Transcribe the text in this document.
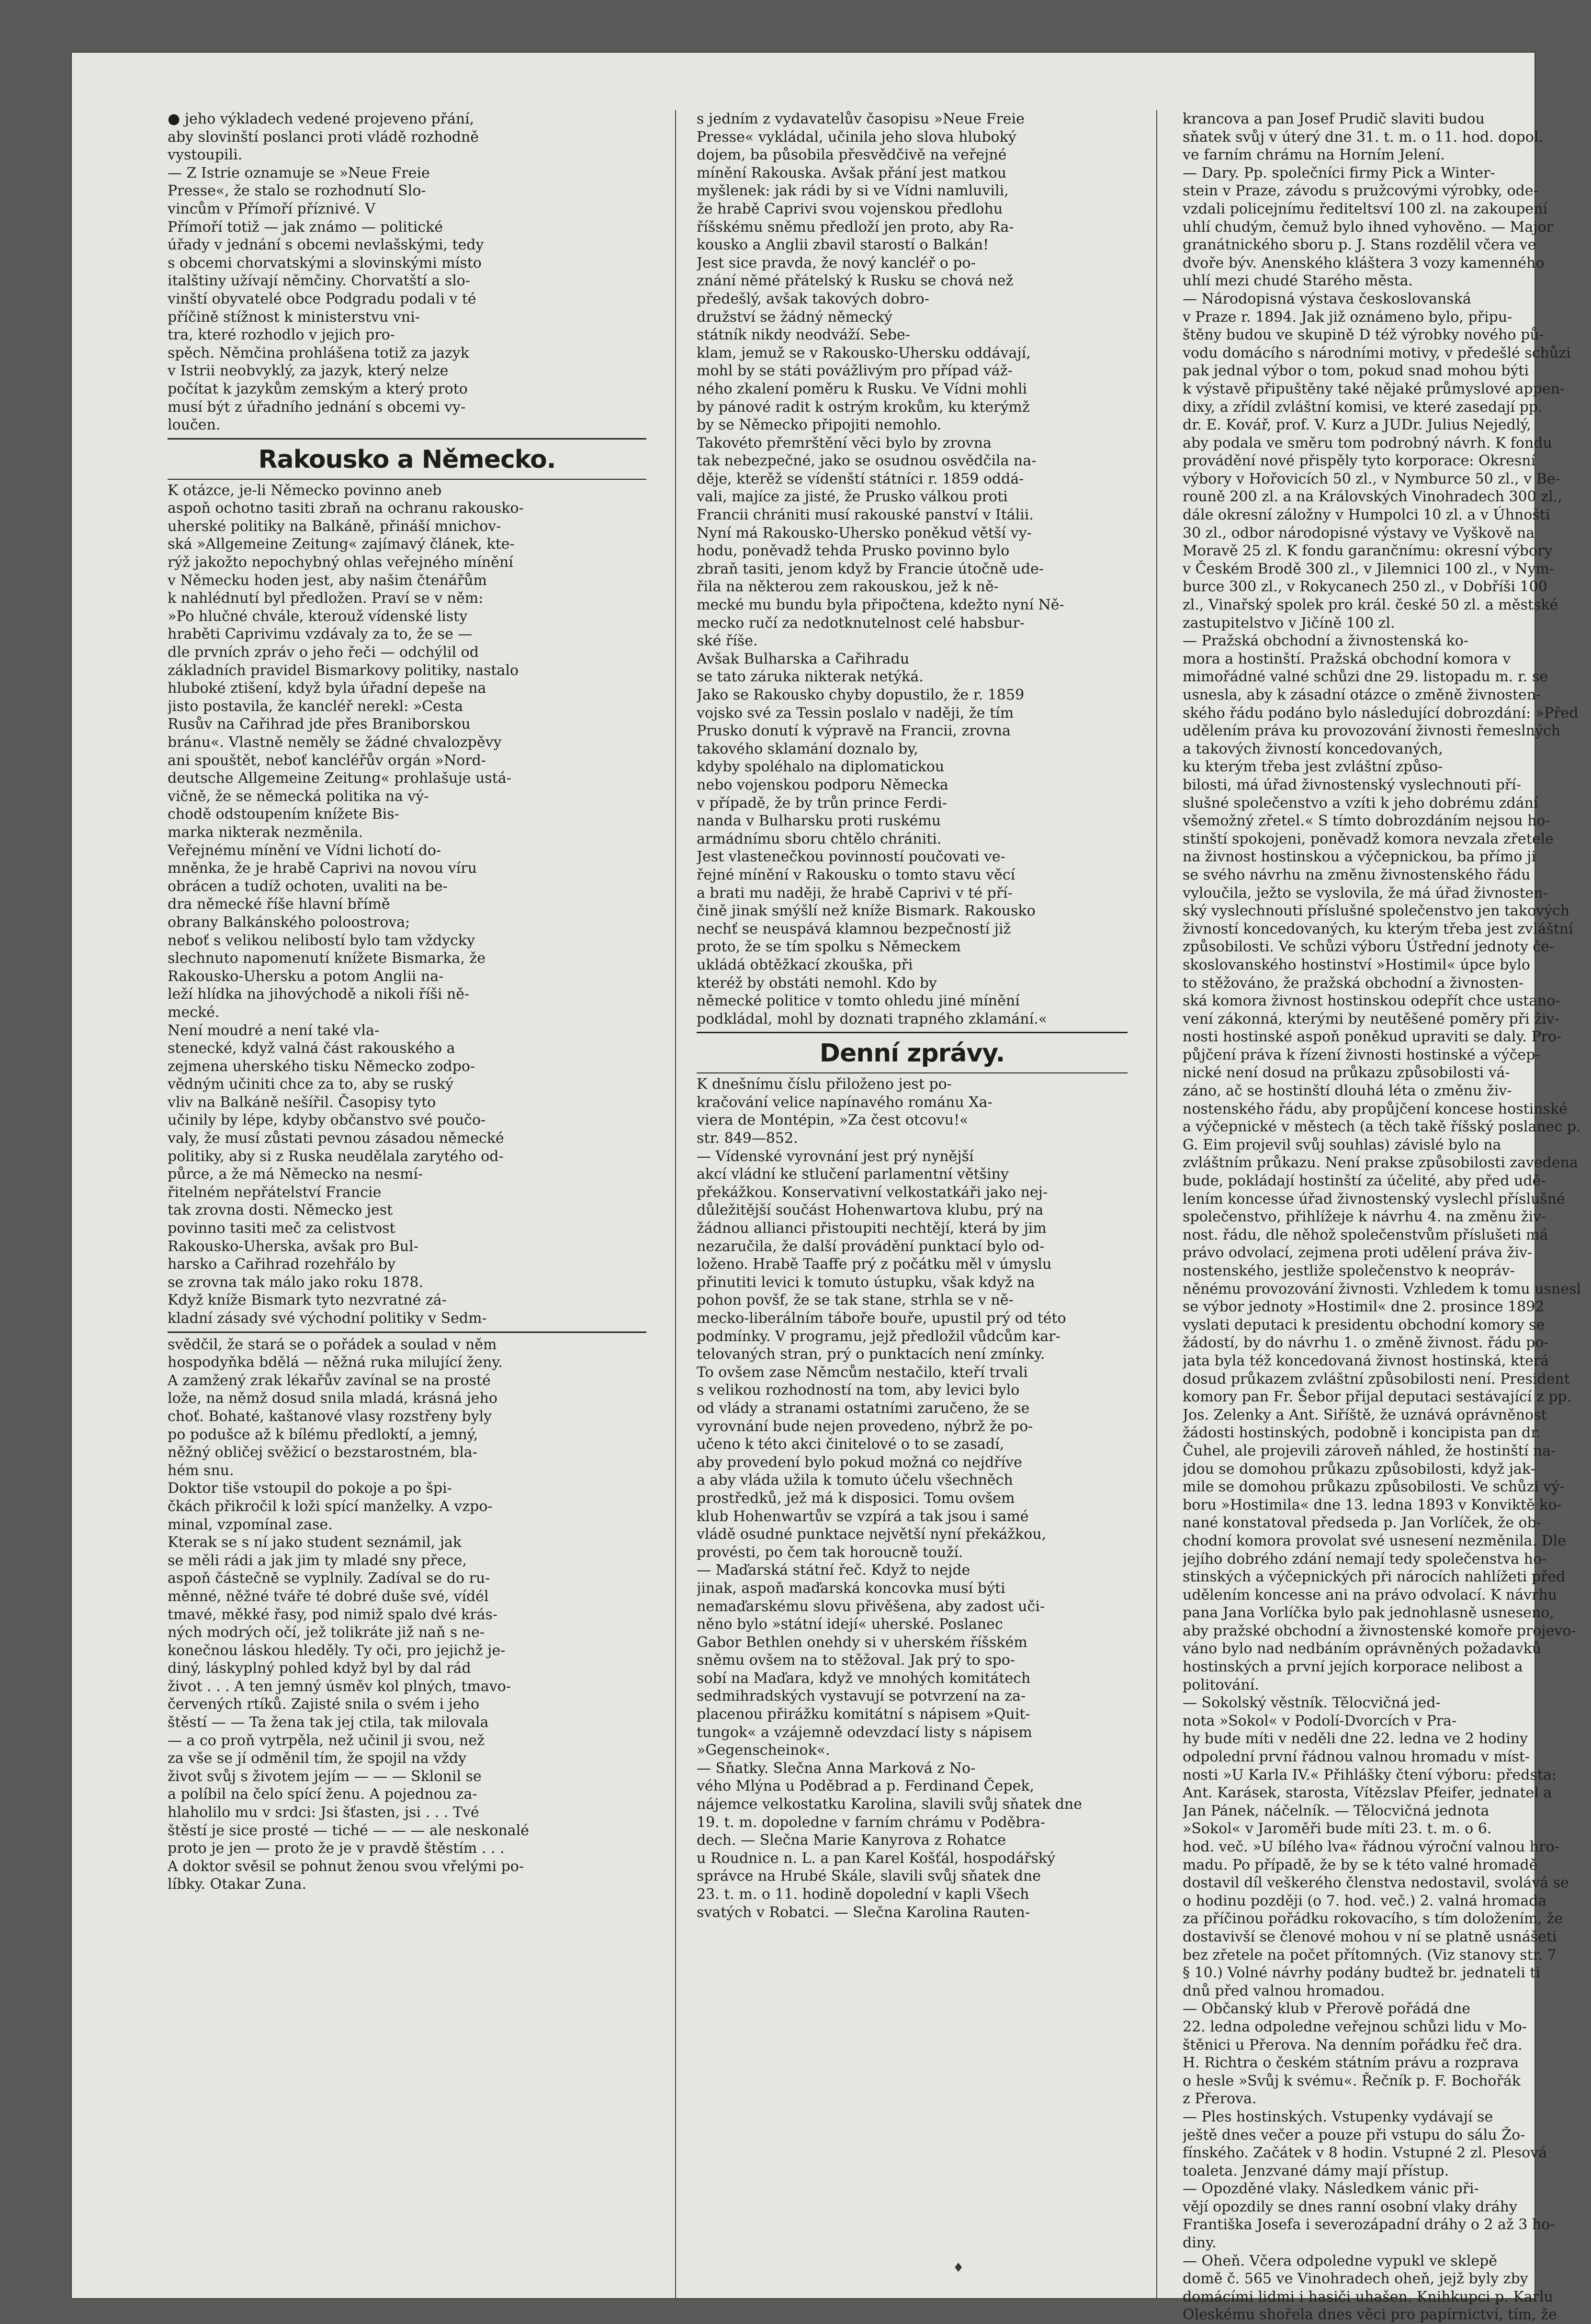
● jeho výkladech vedené projeveno přání,
aby slovinští poslanci proti vládě rozhodně
vystoupili.
— Z Istrie oznamuje se »Neue Freie
Presse«, že stalo se rozhodnutí Slo-
vincům v Přímoří příznivé. V
Přímoří totiž — jak známo — politické
úřady v jednání s obcemi nevlašskými, tedy
s obcemi chorvatskými a slovinskými místo
italštiny užívají němčiny. Chorvatští a slo-
vinští obyvatelé obce Podgradu podali v té
příčině stížnost k ministerstvu vni-
tra, které rozhodlo v jejich pro-
spěch. Němčina prohlášena totiž za jazyk
v Istrii neobvyklý, za jazyk, který nelze
počítat k jazykům zemským a který proto
musí být z úřadního jednání s obcemi vy-
loučen.
Rakousko a Německo.
K otázce, je-li Německo povinno aneb
aspoň ochotno tasiti zbraň na ochranu rakousko-
uherské politiky na Balkáně, přináší mnichov-
ská »Allgemeine Zeitung« zajímavý článek, kte-
rýž jakožto nepochybný ohlas veřejného mínění
v Německu hoden jest, aby našim čtenářům
k nahlédnutí byl předložen. Praví se v něm:
»Po hlučné chvále, kterouž vídenské listy
hraběti Caprivimu vzdávaly za to, že se —
dle prvních zpráv o jeho řeči — odchýlil od
základních pravidel Bismarkovy politiky, nastalo
hluboké ztišení, když byla úřadní depeše na
jisto postavila, že kancléř nerekl: »Cesta
Rusův na Cařihrad jde přes Braniborskou
bránu«. Vlastně neměly se žádné chvalozpěvy
ani spouštět, neboť kancléřův orgán »Nord-
deutsche Allgemeine Zeitung« prohlašuje ustá-
vičně, že se německá politika na vý-
chodě odstoupením knížete Bis-
marka nikterak nezměnila.
Veřejnému mínění ve Vídni lichotí do-
mněnka, že je hrabě Caprivi na novou víru
obrácen a tudíž ochoten, uvaliti na be-
dra německé říše hlavní břímě
obrany Balkánského poloostrova;
neboť s velikou nelibostí bylo tam vždycky
slechnuto napomenutí knížete Bismarka, že
Rakousko-Uhersku a potom Anglii na-
leží hlídka na jihovýchodě a nikoli říši ně-
mecké.
Není moudré a není také vla-
stenecké, když valná část rakouského a
zejmena uherského tisku Německo zodpo-
vědným učiniti chce za to, aby se ruský
vliv na Balkáně nešířil. Časopisy tyto
učinily by lépe, kdyby občanstvo své poučo-
valy, že musí zůstati pevnou zásadou německé
politiky, aby si z Ruska neudělala zarytého od-
půrce, a že má Německo na nesmí-
řitelném nepřátelství Francie
tak zrovna dosti. Německo jest
povinno tasiti meč za celistvost
Rakousko-Uherska, avšak pro Bul-
harsko a Cařihrad rozehřálo by
se zrovna tak málo jako roku 1878.
Když kníže Bismark tyto nezvratné zá-
kladní zásady své východní politiky v Sedm-
svědčil, že stará se o pořádek a soulad v něm
hospodyňka bdělá — něžná ruka milující ženy.
A zamžený zrak lékařův zavínal se na prosté
lože, na němž dosud snila mladá, krásná jeho
choť. Bohaté, kaštanové vlasy rozstřeny byly
po podušce až k bílému předloktí, a jemný,
něžný obličej svěžicí o bezstarostném, bla-
hém snu.
Doktor tiše vstoupil do pokoje a po špi-
čkách přikročil k loži spící manželky. A vzpo-
minal, vzpomínal zase.
Kterak se s ní jako student seznámil, jak
se měli rádi a jak jim ty mladé sny přece,
aspoň částečně se vyplnily. Zadíval se do ru-
měnné, něžné tváře té dobré duše své, vídél
tmavé, měkké řasy, pod nimiž spalo dvé krás-
ných modrých očí, jež tolikráte již naň s ne-
konečnou láskou hleděly. Ty oči, pro jejichž je-
diný, láskyplný pohled když byl by dal rád
život . . . A ten jemný úsměv kol plných, tmavo-
červených rtíků. Zajisté snila o svém i jeho
štěstí — — Ta žena tak jej ctila, tak milovala
— a co proň vytrpěla, než učinil ji svou, než
za vše se jí odměnil tím, že spojil na vždy
život svůj s životem jejím — — — Sklonil se
a políbil na čelo spící ženu. A pojednou za-
hlaholilo mu v srdci: Jsi šťasten, jsi . . . Tvé
štěstí je sice prosté — tiché — — — ale neskonalé
proto je jen — proto že je v pravdě štěstím . . .
A doktor svěsil se pohnut ženou svou vřelými po-
líbky. Otakar Zuna.
s jedním z vydavatelův časopisu »Neue Freie
Presse« vykládal, učinila jeho slova hluboký
dojem, ba působila přesvědčivě na veřejné
mínění Rakouska. Avšak přání jest matkou
myšlenek: jak rádi by si ve Vídni namluvili,
že hrabě Caprivi svou vojenskou předlohu
říšskému sněmu předloží jen proto, aby Ra-
kousko a Anglii zbavil starostí o Balkán!
Jest sice pravda, že nový kancléř o po-
znání němé přátelský k Rusku se chová než
předešlý, avšak takových dobro-
družství se žádný německý
státník nikdy neodváží. Sebe-
klam, jemuž se v Rakousko-Uhersku oddávají,
mohl by se státi povážlivým pro případ váž-
ného zkalení poměru k Rusku. Ve Vídni mohli
by pánové radit k ostrým krokům, ku kterýmž
by se Německo připojiti nemohlo.
Takovéto přemrštění věci bylo by zrovna
tak nebezpečné, jako se osudnou osvědčila na-
děje, kterěž se vídenští státníci r. 1859 oddá-
vali, majíce za jisté, že Prusko válkou proti
Francii chrániti musí rakouské panství v Itálii.
Nyní má Rakousko-Uhersko poněkud větší vy-
hodu, poněvadž tehda Prusko povinno bylo
zbraň tasiti, jenom když by Francie útočně ude-
řila na některou zem rakouskou, jež k ně-
mecké mu bundu byla připočtena, kdežto nyní Ně-
mecko ručí za nedotknutelnost celé habsbur-
ské říše.
Avšak Bulharska a Cařihradu
se tato záruka nikterak netýká.
Jako se Rakousko chyby dopustilo, že r. 1859
vojsko své za Tessin poslalo v naději, že tím
Prusko donutí k výpravě na Francii, zrovna
takového sklamání doznalo by,
kdyby spoléhalo na diplomatickou
nebo vojenskou podporu Německa
v případě, že by trůn prince Ferdi-
nanda v Bulharsku proti ruskému
armádnímu sboru chtělo chrániti.
Jest vlastenečkou povinností poučovati ve-
řejné mínění v Rakousku o tomto stavu věcí
a brati mu naději, že hrabě Caprivi v té pří-
čině jinak smýšlí než kníže Bismark. Rakousko
nechť se neuspává klamnou bezpečností již
proto, že se tím spolku s Německem
ukládá obtěžkací zkouška, při
kteréž by obstáti nemohl. Kdo by
německé politice v tomto ohledu jiné mínění
podkládal, mohl by doznati trapného zklamání.«
Denní zprávy.
K dnešnímu číslu přiloženo jest po-
kračování velice napínavého románu Xa-
viera de Montépin, »Za čest otcovu!«
str. 849—852.
— Vídenské vyrovnání jest prý nynější
akcí vládní ke stlučení parlamentní většiny
překážkou. Konservativní velkostatkáři jako nej-
důležitější součást Hohenwartova klubu, prý na
žádnou allianci přistoupiti nechtějí, která by jim
nezaručila, že další provádění punktací bylo od-
loženo. Hrabě Taaffe prý z počátku měl v úmyslu
přinutiti levici k tomuto ústupku, však když na
pohon povšf, že se tak stane, strhla se v ně-
mecko-liberálním táboře bouře, upustil prý od této
podmínky. V programu, jejž předložil vůdcům kar-
telovaných stran, prý o punktacích není zmínky.
To ovšem zase Němcům nestačilo, kteří trvali
s velikou rozhodností na tom, aby levici bylo
od vlády a stranami ostatními zaručeno, že se
vyrovnání bude nejen provedeno, nýbrž že po-
učeno k této akci činitelové o to se zasadí,
aby provedení bylo pokud možná co nejdříve
a aby vláda užila k tomuto účelu všechněch
prostředků, jež má k disposici. Tomu ovšem
klub Hohenwartův se vzpírá a tak jsou i samé
vládě osudné punktace největší nyní překážkou,
provésti, po čem tak horoucně touží.
— Maďarská státní řeč. Když to nejde
jinak, aspoň maďarská koncovka musí býti
nemaďarskému slovu přivěšena, aby zadost uči-
něno bylo »státní idejí« uherské. Poslanec
Gabor Bethlen onehdy si v uherském říšském
sněmu ovšem na to stěžoval. Jak prý to spo-
sobí na Maďara, když ve mnohých komitátech
sedmihradských vystavují se potvrzení na za-
placenou přirážku komitátní s nápisem »Quit-
tungok« a vzájemně odevzdací listy s nápisem
»Gegenscheinok«.
— Sňatky. Slečna Anna Marková z No-
vého Mlýna u Poděbrad a p. Ferdinand Čepek,
nájemce velkostatku Karolina, slavili svůj sňatek dne
19. t. m. dopoledne v farním chrámu v Poděbra-
dech. — Slečna Marie Kanyrova z Rohatce
u Roudnice n. L. a pan Karel Košťál, hospodářský
správce na Hrubé Skále, slavili svůj sňatek dne
23. t. m. o 11. hodině dopolední v kapli Všech
svatých v Robatci. — Slečna Karolina Rauten-
krancova a pan Josef Prudič slaviti budou
sňatek svůj v úterý dne 31. t. m. o 11. hod. dopol.
ve farním chrámu na Horním Jelení.
— Dary. Pp. společníci firmy Pick a Winter-
stein v Praze, závodu s pružcovými výrobky, ode-
vzdali policejnímu řediteltsví 100 zl. na zakoupení
uhlí chudým, čemuž bylo ihned vyhověno. — Major
granátnického sboru p. J. Stans rozdělil včera ve
dvoře býv. Anenského kláštera 3 vozy kamenného
uhlí mezi chudé Starého města.
— Národopisná výstava českoslovanská
v Praze r. 1894. Jak již oznámeno bylo, připu-
štěny budou ve skupině D též výrobky nového pů-
vodu domácího s národními motivy, v předešlé schůzi
pak jednal výbor o tom, pokud snad mohou býti
k výstavě připuštěny také nějaké průmyslové appen-
dixy, a zřídil zvláštní komisi, ve které zasedají pp.
dr. E. Kovář, prof. V. Kurz a JUDr. Julius Nejedlý,
aby podala ve směru tom podrobný návrh. K fondu
provádění nové přispěly tyto korporace: Okresní
výbory v Hořovicích 50 zl., v Nymburce 50 zl., v Be-
rouně 200 zl. a na Královských Vinohradech 300 zl.,
dále okresní záložny v Humpolci 10 zl. a v Úhnošti
30 zl., odbor národopisné výstavy ve Vyškově na
Moravě 25 zl. K fondu garančnímu: okresní výbory
v Českém Brodě 300 zl., v Jilemnici 100 zl., v Nym-
burce 300 zl., v Rokycanech 250 zl., v Dobříši 100
zl., Vinařský spolek pro král. české 50 zl. a městské
zastupitelstvo v Jičíně 100 zl.
— Pražská obchodní a živnostenská ko-
mora a hostinští. Pražská obchodní komora v
mimořádné valné schůzi dne 29. listopadu m. r. se
usnesla, aby k zásadní otázce o změně živnosten-
ského řádu podáno bylo následující dobrozdání: »Před
udělením práva ku provozování živnosti řemeslných
a takových živností koncedovaných,
ku kterým třeba jest zvláštní způso-
bilosti, má úřad živnostenský vyslechnouti pří-
slušné společenstvo a vzíti k jeho dobrému zdání
všemožný zřetel.« S tímto dobrozdáním nejsou ho-
stinští spokojeni, poněvadž komora nevzala zřetele
na živnost hostinskou a výčepnickou, ba přímo ji
se svého návrhu na změnu živnostenského řádu
vyloučila, ježto se vyslovila, že má úřad živnosten-
ský vyslechnouti příslušné společenstvo jen takových
živností koncedovaných, ku kterým třeba jest zvláštní
způsobilosti. Ve schůzi výboru Ústřední jednoty če-
skoslovanského hostinství »Hostimil« úpce bylo
to stěžováno, že pražská obchodní a živnosten-
ská komora živnost hostinskou odepřít chce ustano-
vení zákonná, kterými by neutěšené poměry při živ-
nosti hostinské aspoň poněkud upraviti se daly. Pro-
půjčení práva k řízení živnosti hostinské a výčep-
nické není dosud na průkazu způsobilosti vá-
záno, ač se hostinští dlouhá léta o změnu živ-
nostenského řádu, aby propůjčení koncese hostinské
a výčepnické v městech (a těch takě říšský poslanec p.
G. Eim projevil svůj souhlas) závislé bylo na
zvláštním průkazu. Není prakse způsobilosti zavedena
bude, pokládají hostinští za účelité, aby před udě-
lením koncesse úřad živnostenský vyslechl příslušné
společenstvo, přihlížeje k návrhu 4. na změnu živ-
nost. řádu, dle něhož společenstvům příslušeti má
právo odvolací, zejmena proti udělení práva živ-
nostenského, jestliže společenstvo k neopráv-
něnému provozování živnosti. Vzhledem k tomu usnesl
se výbor jednoty »Hostimil« dne 2. prosince 1892
vyslati deputaci k presidentu obchodní komory se
žádostí, by do návrhu 1. o změně živnost. řádu po-
jata byla též koncedovaná živnost hostinská, která
dosud průkazem zvláštní způsobilosti není. President
komory pan Fr. Šebor přijal deputaci sestávající z pp.
Jos. Zelenky a Ant. Siříště, že uznává oprávněnost
žádosti hostinských, podobně i koncipista pan dr.
Čuhel, ale projevili zároveň náhled, že hostinští na-
jdou se domohou průkazu způsobilosti, když jak-
mile se domohou průkazu způsobilosti. Ve schůzi vý-
boru »Hostimila« dne 13. ledna 1893 v Konviktě ko-
nané konstatoval předseda p. Jan Vorlíček, že ob-
chodní komora provolat své usnesení nezměnila. Dle
jejího dobrého zdání nemají tedy společenstva ho-
stinských a výčepnických při nárocích nahlížeti před
udělením koncesse ani na právo odvolací. K návrhu
pana Jana Vorlíčka bylo pak jednohlasně usneseno,
aby pražské obchodní a živnostenské komoře projevo-
váno bylo nad nedbáním oprávněných požadavků
hostinských a první jejích korporace nelibost a
politování.
— Sokolský věstník. Tělocvičná jed-
nota »Sokol« v Podolí-Dvorcích v Pra-
hy bude míti v neděli dne 22. ledna ve 2 hodiny
odpolední první řádnou valnou hromadu v míst-
nosti »U Karla IV.« Přihlášky čtení výboru: předsta:
Ant. Karásek, starosta, Vítězslav Pfeifer, jednatel a
Jan Pánek, náčelník. — Tělocvičná jednota
»Sokol« v Jaroměři bude míti 23. t. m. o 6.
hod. več. »U bílého lva« řádnou výroční valnou hro-
madu. Po případě, že by se k této valné hromadě
dostavil díl veškerého členstva nedostavil, svolává se
o hodinu později (o 7. hod. več.) 2. valná hromada
za příčinou pořádku rokovacího, s tím doložením, že
dostavivší se členové mohou v ní se platně usnášeti
bez zřetele na počet přítomných. (Viz stanovy str. 7
§ 10.) Volné návrhy podány budtež br. jednateli ti
dnů před valnou hromadou.
— Občanský klub v Přerově pořádá dne
22. ledna odpoledne veřejnou schůzi lidu v Mo-
štěnici u Přerova. Na denním pořádku řeč dra.
H. Richtra o českém státním právu a rozprava
o hesle »Svůj k svému«. Řečník p. F. Bochořák
z Přerova.
— Ples hostinských. Vstupenky vydávají se
ještě dnes večer a pouze při vstupu do sálu Žo-
fínského. Začátek v 8 hodin. Vstupné 2 zl. Plesová
toaleta. Jenzvané dámy mají přístup.
— Opozděné vlaky. Následkem vánic při-
vějí opozdily se dnes ranní osobní vlaky dráhy
Františka Josefa i severozápadní dráhy o 2 až 3 ho-
diny.
— Oheň. Včera odpoledne vypukl ve sklepě
domě č. 565 ve Vinohradech oheň, jejž byly zby
domácími lidmi i hasiči uhašen. Knihkupci p. Karlu
Oleskému shořela dnes věci pro papírnictví, tím, že
♦
